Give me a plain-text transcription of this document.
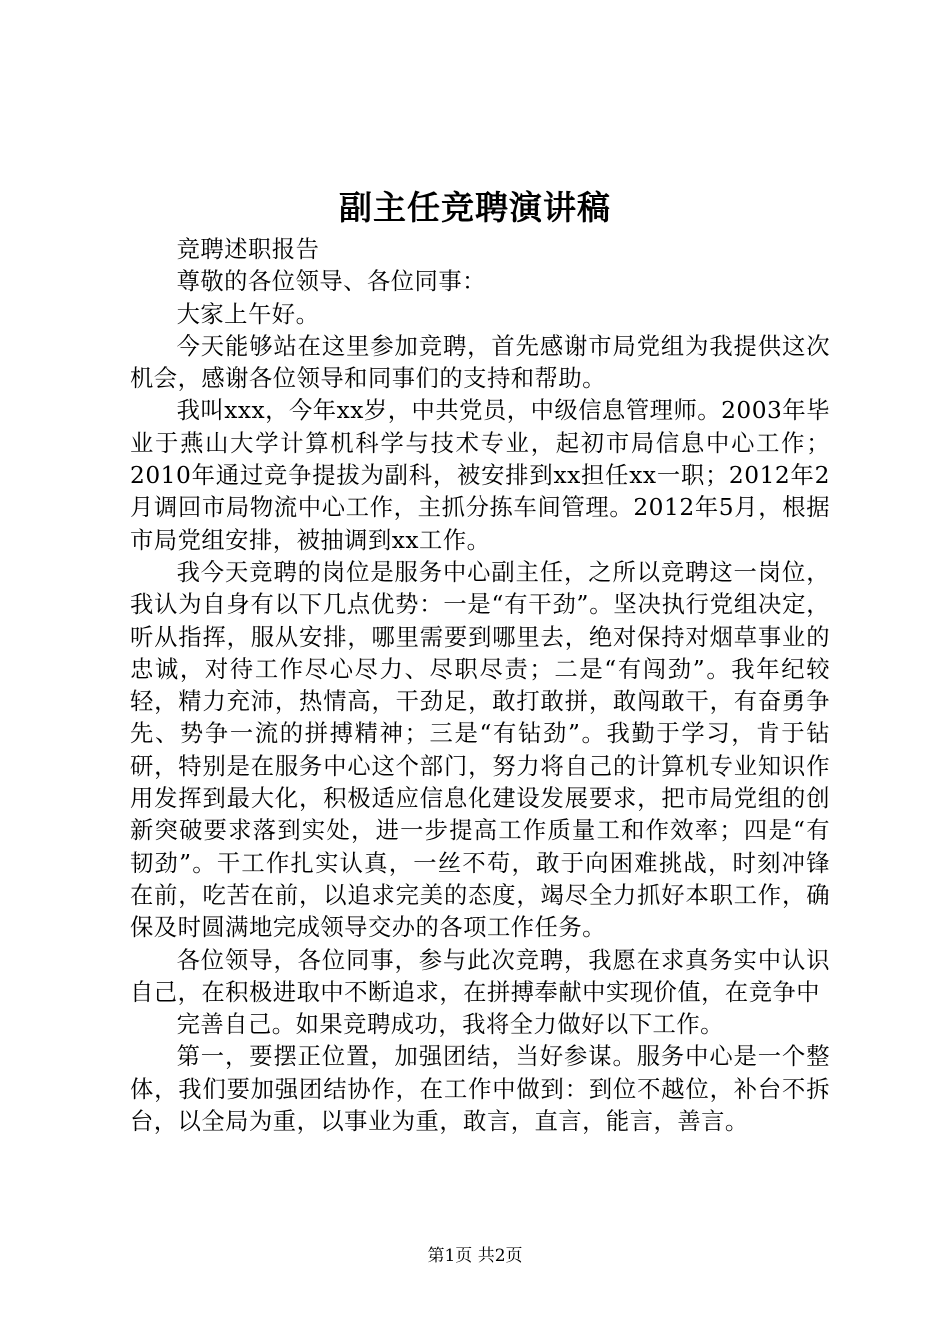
副主任竞聘演讲稿

竞聘述职报告

尊敬的各位领导、各位同事：

大家上午好。

今天能够站在这里参加竞聘，首先感谢市局党组为我提供这次机会，感谢各位领导和同事们的支持和帮助。

我叫xxx，今年xx岁，中共党员，中级信息管理师。2003年毕业于燕山大学计算机科学与技术专业，起初市局信息中心工作；2010年通过竞争提拔为副科，被安排到xx担任xx一职；2012年2月调回市局物流中心工作，主抓分拣车间管理。2012年5月，根据市局党组安排，被抽调到xx工作。

我今天竞聘的岗位是服务中心副主任，之所以竞聘这一岗位，我认为自身有以下几点优势：一是“有干劲”。坚决执行党组决定，听从指挥，服从安排，哪里需要到哪里去，绝对保持对烟草事业的忠诚，对待工作尽心尽力、尽职尽责；二是“有闯劲”。我年纪较轻，精力充沛，热情高，干劲足，敢打敢拼，敢闯敢干，有奋勇争先、势争一流的拼搏精神；三是“有钻劲”。我勤于学习，肯于钻研，特别是在服务中心这个部门，努力将自己的计算机专业知识作用发挥到最大化，积极适应信息化建设发展要求，把市局党组的创新突破要求落到实处，进一步提高工作质量工和作效率；四是“有韧劲”。干工作扎实认真，一丝不苟，敢于向困难挑战，时刻冲锋在前，吃苦在前，以追求完美的态度，竭尽全力抓好本职工作，确保及时圆满地完成领导交办的各项工作任务。

各位领导，各位同事，参与此次竞聘，我愿在求真务实中认识自己，在积极进取中不断追求，在拼搏奉献中实现价值，在竞争中

完善自己。如果竞聘成功，我将全力做好以下工作。

第一，要摆正位置，加强团结，当好参谋。服务中心是一个整体，我们要加强团结协作，在工作中做到：到位不越位，补台不拆台，以全局为重，以事业为重，敢言，直言，能言，善言。

第1页 共2页
